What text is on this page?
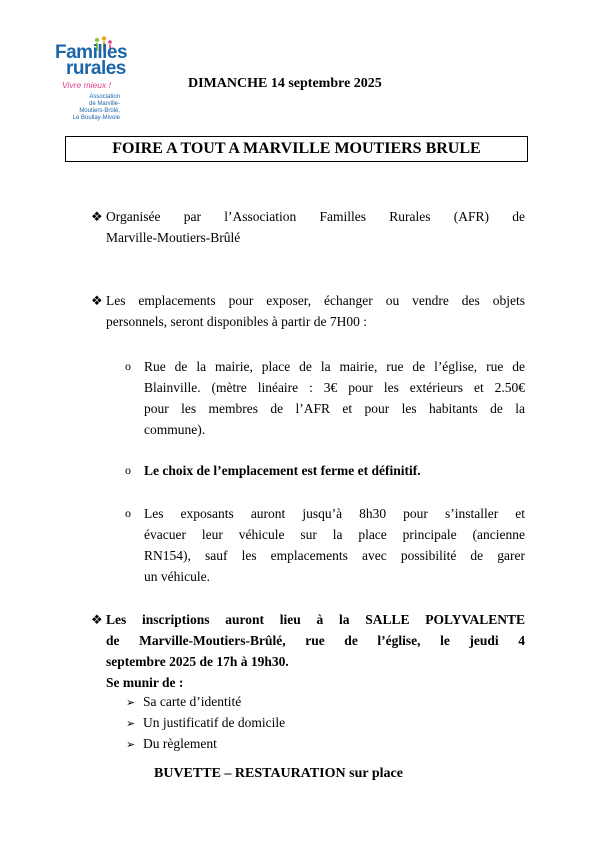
Familles
rurales
Vivre mieux !
Association
de Marville-
Moutiers-Brûlé,
Le Boullay-Mivoie
DIMANCHE 14 septembre 2025
FOIRE A TOUT A MARVILLE MOUTIERS BRULE
❖ Organisée par l’Association Familles Rurales (AFR) de
Marville-Moutiers-Brûlé
❖ Les emplacements pour exposer, échanger ou vendre des objets
personnels, seront disponibles à partir de 7H00 :
o Rue de la mairie, place de la mairie, rue de l’église, rue de
Blainville. (mètre linéaire : 3€ pour les extérieurs et 2.50€
pour les membres de l’AFR et pour les habitants de la
commune).
o Le choix de l’emplacement est ferme et définitif.
o Les exposants auront jusqu’à 8h30 pour s’installer et
évacuer leur véhicule sur la place principale (ancienne
RN154), sauf les emplacements avec possibilité de garer
un véhicule.
❖ Les inscriptions auront lieu à la SALLE POLYVALENTE
de Marville-Moutiers-Brûlé, rue de l’église, le jeudi 4
septembre 2025 de 17h à 19h30.
Se munir de :
➢ Sa carte d’identité
➢ Un justificatif de domicile
➢ Du règlement
BUVETTE – RESTAURATION sur place
